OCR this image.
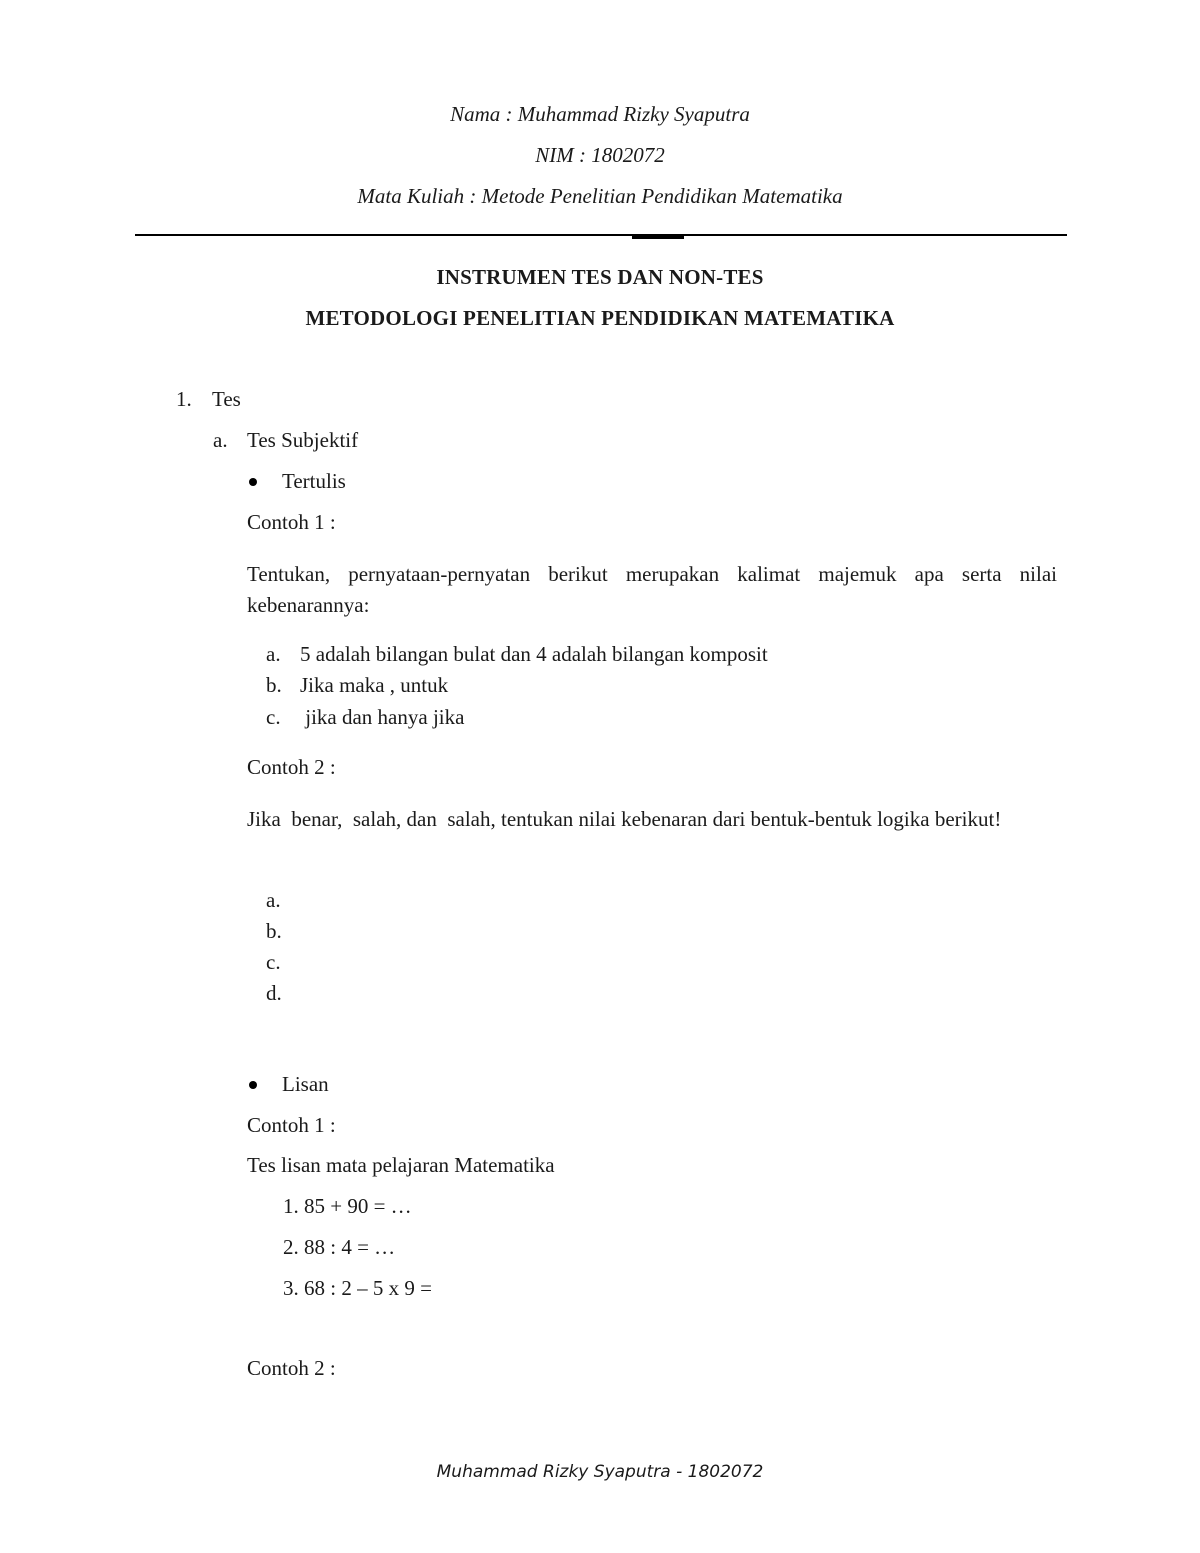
Nama : Muhammad Rizky Syaputra
NIM : 1802072
Mata Kuliah : Metode Penelitian Pendidikan Matematika
INSTRUMEN TES DAN NON-TES
METODOLOGI PENELITIAN PENDIDIKAN MATEMATIKA
1. Tes
a. Tes Subjektif
Tertulis
Contoh 1 :
Tentukan, pernyataan-pernyatan berikut merupakan kalimat majemuk apa serta nilai kebenarannya:
a. 5 adalah bilangan bulat dan 4 adalah bilangan komposit
b. Jika maka , untuk
c. jika dan hanya jika
Contoh 2 :
Jika  benar,  salah, dan  salah, tentukan nilai kebenaran dari bentuk-bentuk logika berikut!
a.
b.
c.
d.
Lisan
Contoh 1 :
Tes lisan mata pelajaran Matematika
1. 85 + 90 = …
2. 88 : 4 = …
3. 68 : 2 – 5 x 9 =
Contoh 2 :
Muhammad Rizky Syaputra - 1802072
